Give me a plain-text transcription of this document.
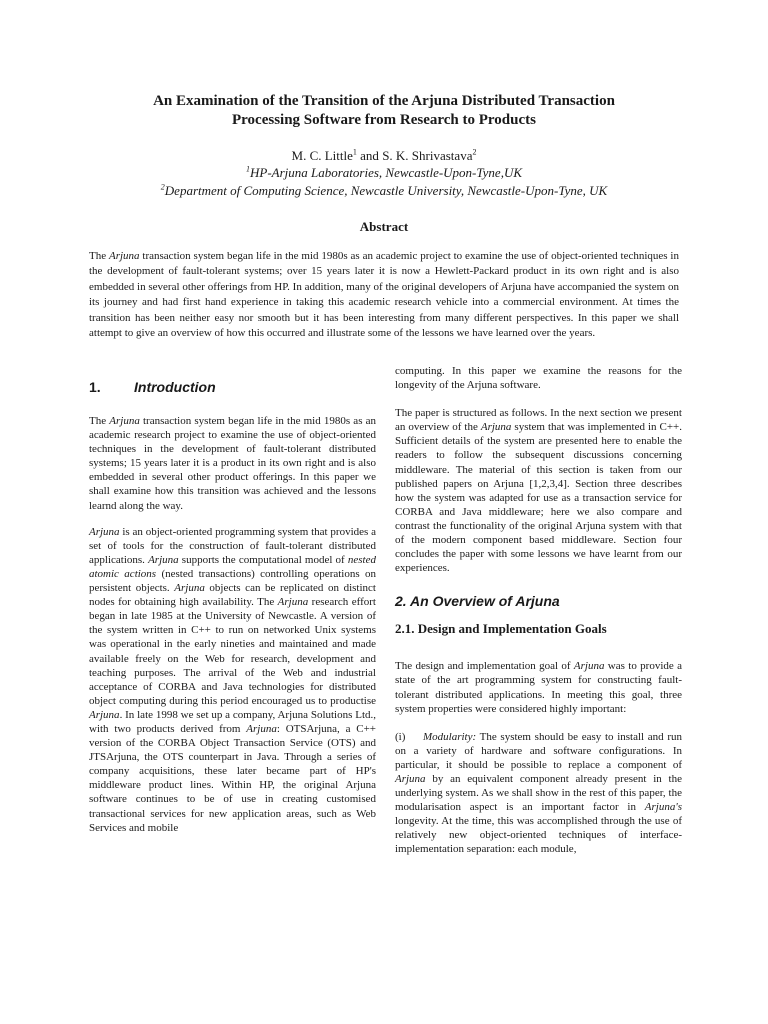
An Examination of the Transition of the Arjuna Distributed Transaction
Processing Software from Research to Products
M. C. Little$^1$ and S. K. Shrivastava$^2$
$^1$HP-Arjuna Laboratories, Newcastle-Upon-Tyne,UK
$^2$Department of Computing Science, Newcastle University, Newcastle-Upon-Tyne, UK
Abstract
The Arjuna transaction system began life in the mid 1980s as an academic project to examine the use of object-oriented techniques in the development of fault-tolerant systems; over 15 years later it is now a Hewlett-Packard product in its own right and is also embedded in several other offerings from HP. In addition, many of the original developers of Arjuna have accompanied the system on its journey and had first hand experience in taking this academic research vehicle into a commercial environment. At times the transition has been neither easy nor smooth but it has been interesting from many different perspectives. In this paper we shall attempt to give an overview of how this occurred and illustrate some of the lessons we have learned over the years.
1. Introduction

The Arjuna transaction system began life in the mid 1980s as an academic research project to examine the use of object-oriented techniques in the development of fault-tolerant distributed systems; 15 years later it is a product in its own right and is also embedded in several other product offerings. In this paper we shall examine how this transition was achieved and the lessons learnd along the way.

Arjuna is an object-oriented programming system that provides a set of tools for the construction of fault-tolerant distributed applications. Arjuna supports the computational model of nested atomic actions (nested transactions) controlling operations on persistent objects. Arjuna objects can be replicated on distinct nodes for obtaining high availability. The Arjuna research effort began in late 1985 at the University of Newcastle. A version of the system written in C++ to run on networked Unix systems was operational in the early nineties and maintained and made available freely on the Web for research, development and teaching purposes. The arrival of the Web and industrial acceptance of CORBA and Java technologies for distributed object computing during this period encouraged us to productise Arjuna. In late 1998 we set up a company, Arjuna Solutions Ltd., with two products derived from Arjuna: OTSArjuna, a C++ version of the CORBA Object Transaction Service (OTS) and JTSArjuna, the OTS counterpart in Java. Through a series of company acquisitions, these later became part of HP's middleware product lines. Within HP, the original Arjuna software continues to be of use in creating customised transactional services for new application areas, such as Web Services and mobile

computing. In this paper we examine the reasons for the longevity of the Arjuna software.

The paper is structured as follows. In the next section we present an overview of the Arjuna system that was implemented in C++. Sufficient details of the system are presented here to enable the readers to follow the subsequent discussions concerning middleware. The material of this section is taken from our published papers on Arjuna [1,2,3,4]. Section three describes how the system was adapted for use as a transaction service for CORBA and Java middleware; here we also compare and contrast the functionality of the original Arjuna system with that of the modern component based middleware. Section four concludes the paper with some lessons we have learnt from our experiences.

2. An Overview of Arjuna
2.1. Design and Implementation Goals

The design and implementation goal of Arjuna was to provide a state of the art programming system for constructing fault-tolerant distributed applications. In meeting this goal, three system properties were considered highly important:

(i) Modularity: The system should be easy to install and run on a variety of hardware and software configurations. In particular, it should be possible to replace a component of Arjuna by an equivalent component already present in the underlying system. As we shall show in the rest of this paper, the modularisation aspect is an important factor in Arjuna's longevity. At the time, this was accomplished through the use of relatively new object-oriented techniques of interface-implementation separation: each module,
